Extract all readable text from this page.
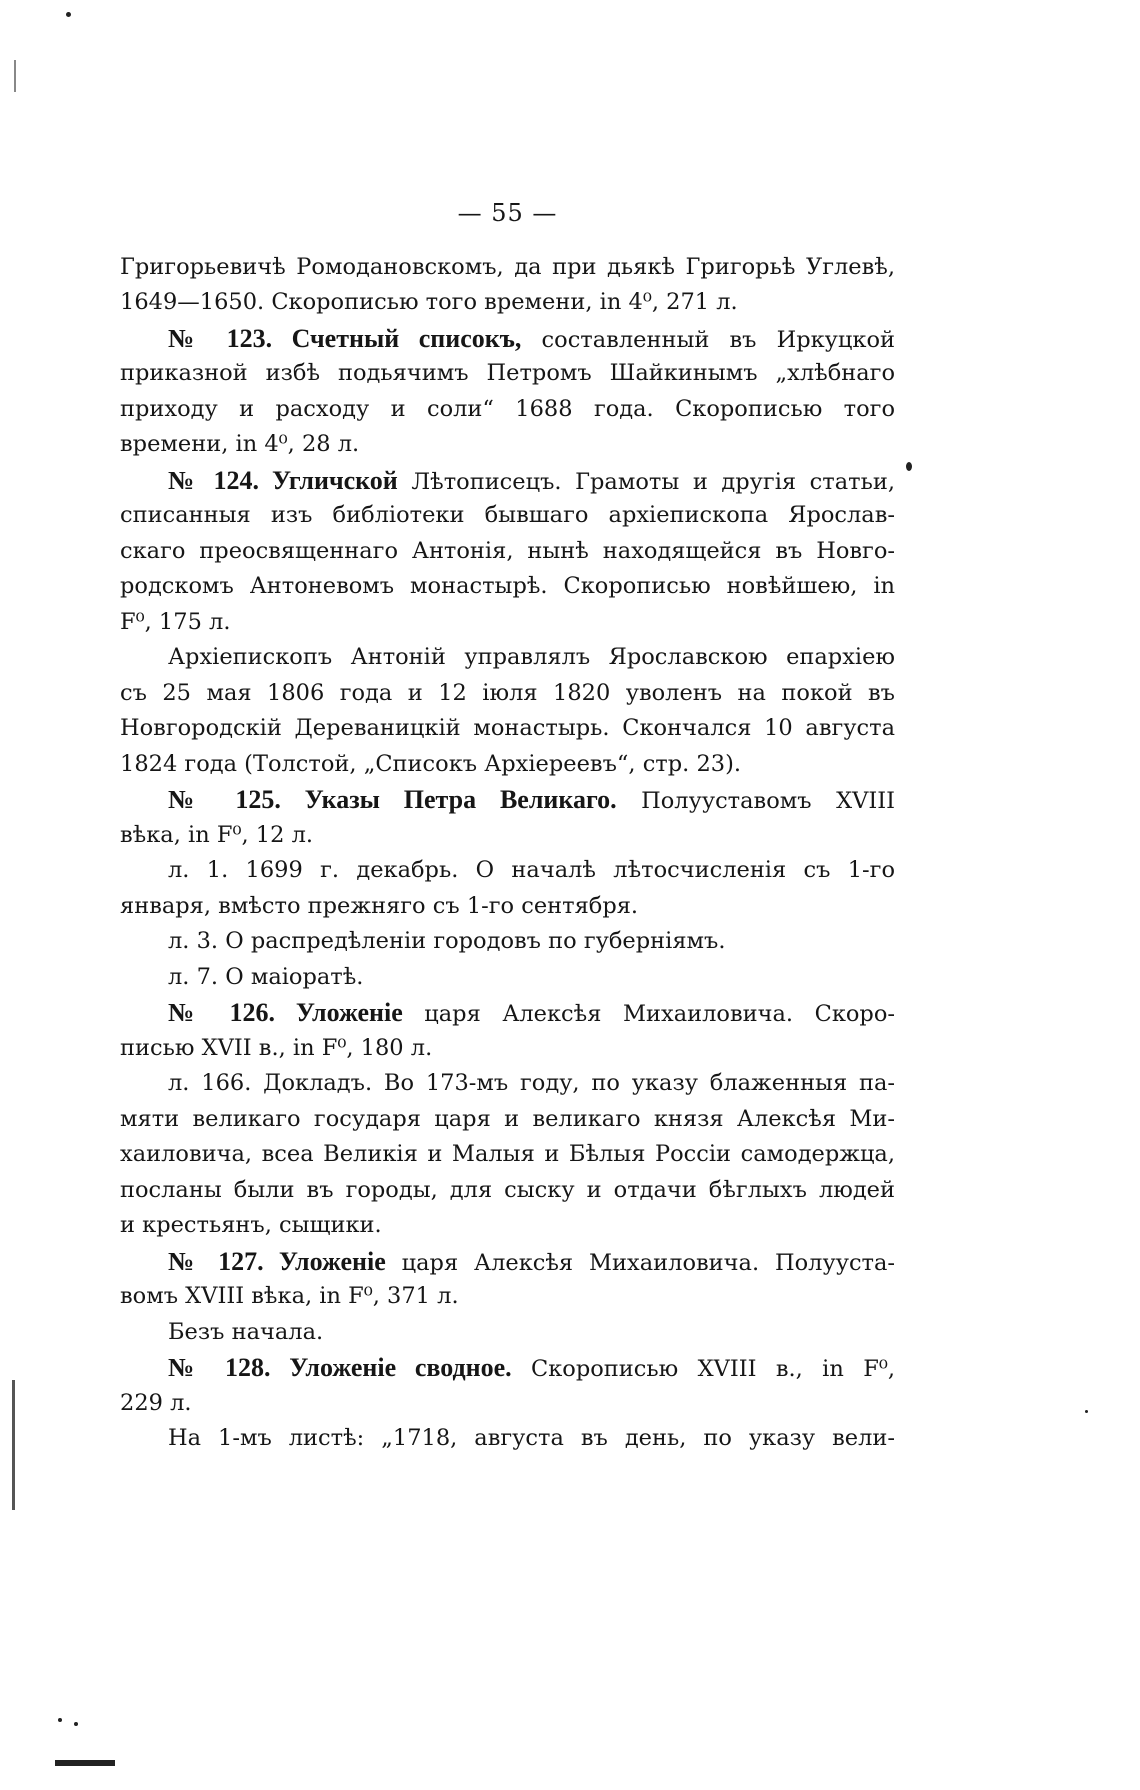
— 55 —
Григорьевичѣ Ромодановскомъ, да при дьякѣ Григорьѣ Углевѣ,
1649—1650. Скорописью того времени, in 4⁰, 271 л.
№ 123. Счетный списокъ, составленный въ Иркуцкой
приказной избѣ подьячимъ Петромъ Шайкинымъ „хлѣбнаго
приходу и расходу и соли“ 1688 года. Скорописью того
времени, in 4⁰, 28 л.
№ 124. Угличской Лѣтописецъ. Грамоты и другія статьи,
списанныя изъ библіотеки бывшаго архіепископа Ярослав-
скаго преосвященнаго Антонія, нынѣ находящейся въ Новго-
родскомъ Антоневомъ монастырѣ. Скорописью новѣйшею, in
F⁰, 175 л.
Архіепископъ Антоній управлялъ Ярославскою епархіею
съ 25 мая 1806 года и 12 іюля 1820 уволенъ на покой въ
Новгородскій Дереваницкій монастырь. Скончался 10 августа
1824 года (Толстой, „Списокъ Архіереевъ“, стр. 23).
№ 125. Указы Петра Великаго. Полууставомъ XVIII
вѣка, in F⁰, 12 л.
л. 1. 1699 г. декабрь. О началѣ лѣтосчисленія съ 1-го
января, вмѣсто прежняго съ 1-го сентября.
л. 3. О распредѣленіи городовъ по губерніямъ.
л. 7. О маіоратѣ.
№ 126. Уложеніе царя Алексѣя Михаиловича. Скоро-
писью XVII в., in F⁰, 180 л.
л. 166. Докладъ. Во 173-мъ году, по указу блаженныя па-
мяти великаго государя царя и великаго князя Алексѣя Ми-
хаиловича, всеа Великія и Малыя и Бѣлыя Россіи самодержца,
посланы были въ городы, для сыску и отдачи бѣглыхъ людей
и крестьянъ, сыщики.
№ 127. Уложеніе царя Алексѣя Михаиловича. Полууста-
вомъ XVIII вѣка, in F⁰, 371 л.
Безъ начала.
№ 128. Уложеніе сводное. Скорописью XVIII в., in F⁰,
229 л.
На 1-мъ листѣ: „1718, августа въ день, по указу вели-
